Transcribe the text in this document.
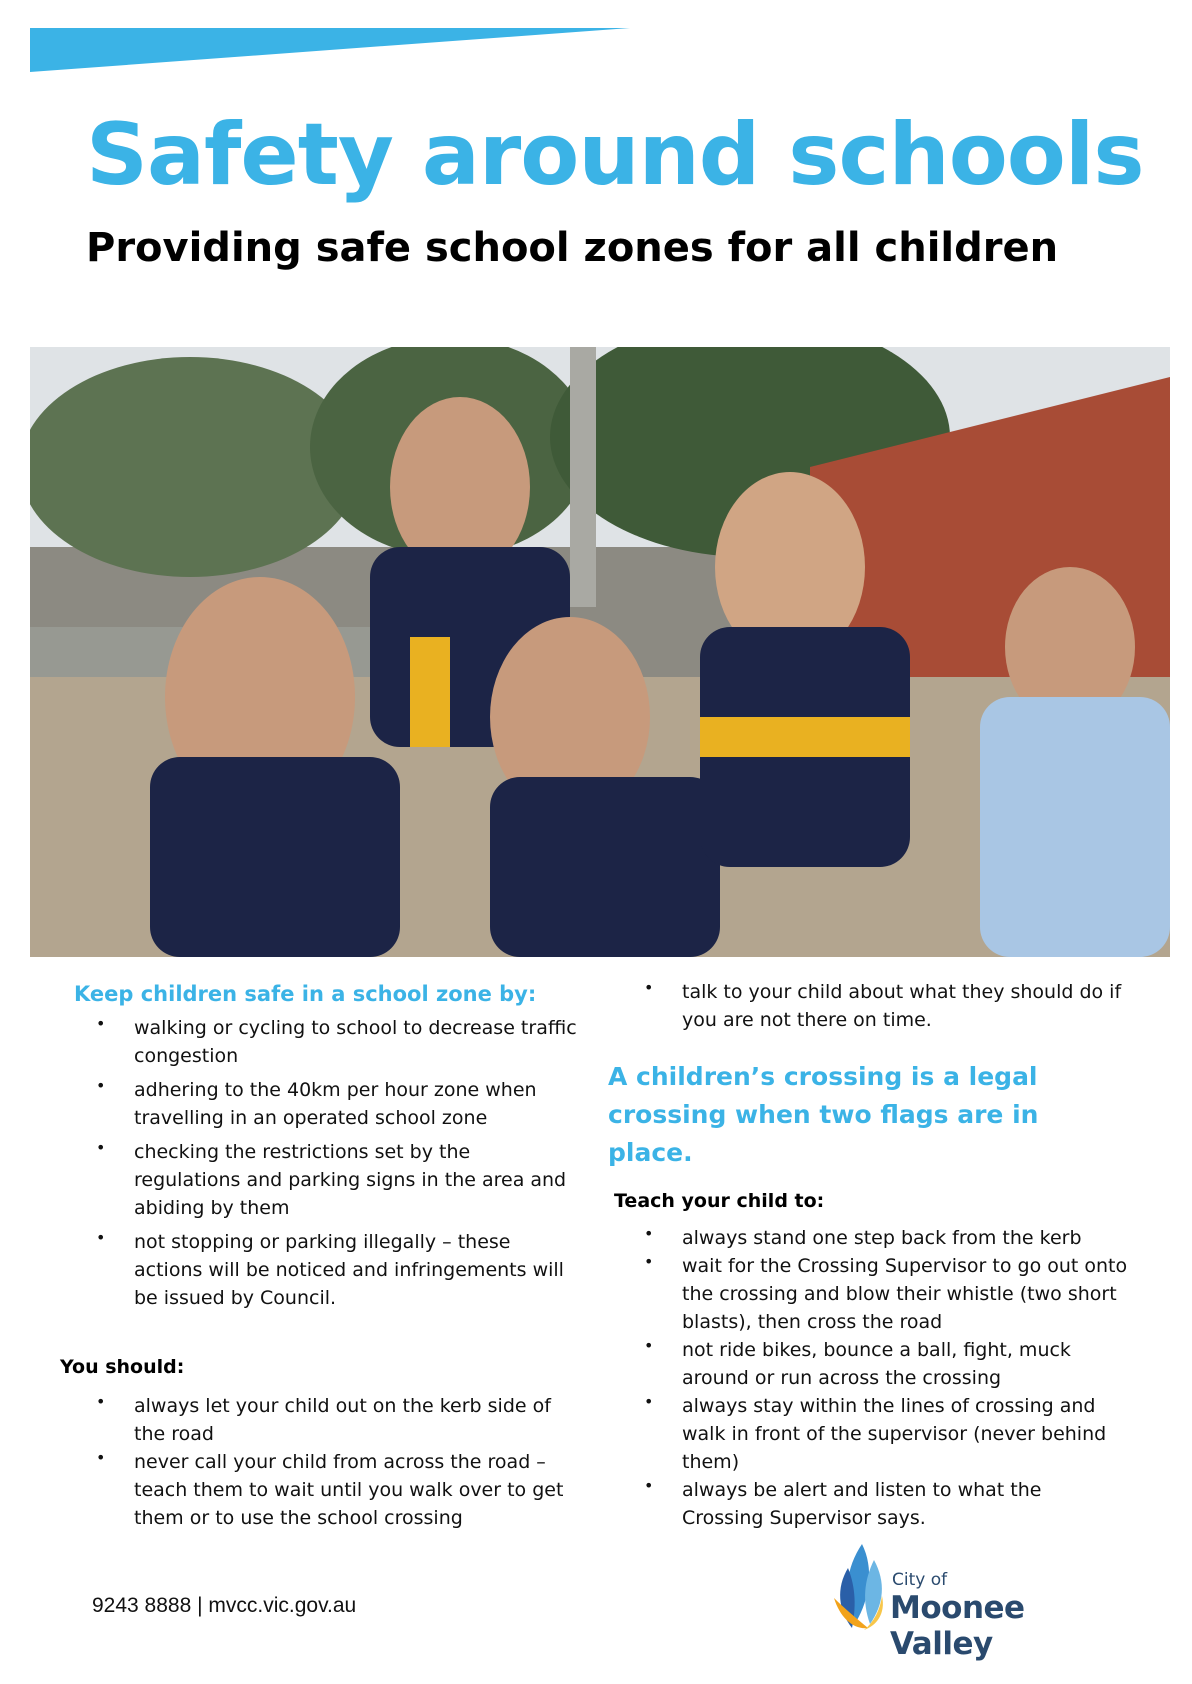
Safety around schools
Providing safe school zones for all children

Keep children safe in a school zone by:

• walking or cycling to school to decrease traffic congestion
• adhering to the 40km per hour zone when travelling in an operated school zone
• checking the restrictions set by the regulations and parking signs in the area and abiding by them
• not stopping or parking illegally – these actions will be noticed and infringements will be issued by Council.

You should:

• always let your child out on the kerb side of the road
• never call your child from across the road – teach them to wait until you walk over to get them or to use the school crossing
• talk to your child about what they should do if you are not there on time.

A children’s crossing is a legal crossing when two flags are in place.

Teach your child to:

• always stand one step back from the kerb
• wait for the Crossing Supervisor to go out onto the crossing and blow their whistle (two short blasts), then cross the road
• not ride bikes, bounce a ball, fight, muck around or run across the crossing
• always stay within the lines of crossing and walk in front of the supervisor (never behind them)
• always be alert and listen to what the Crossing Supervisor says.

9243 8888 | mvcc.vic.gov.au

City of
Moonee Valley
